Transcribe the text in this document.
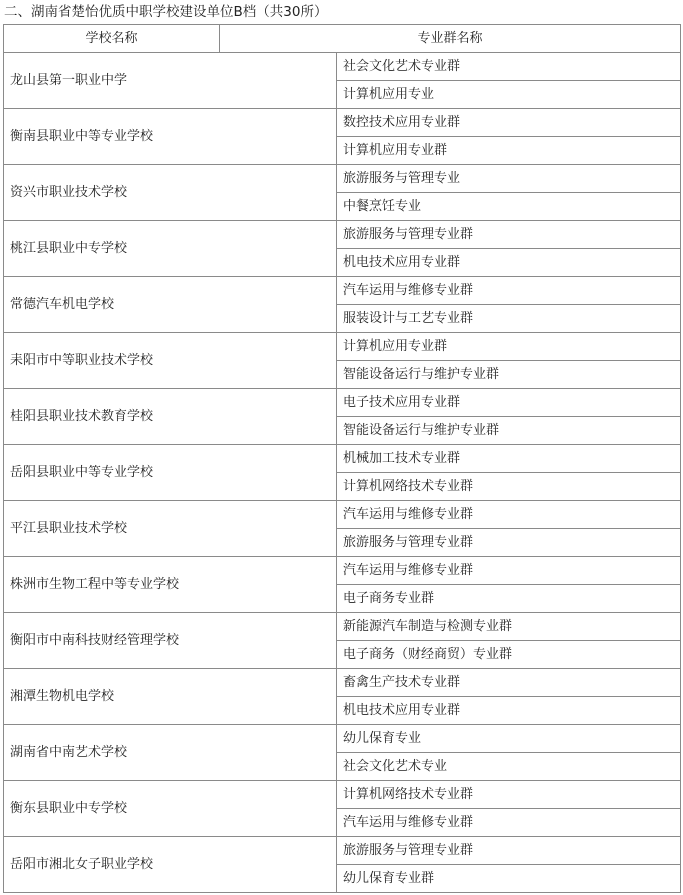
二、湖南省楚怡优质中职学校建设单位B档（共30所）
学校名称	专业群名称	
龙山县第一职业中学		社会文化艺术专业群
		计算机应用专业
衡南县职业中等专业学校		数控技术应用专业群
		计算机应用专业群
资兴市职业技术学校		旅游服务与管理专业
		中餐烹饪专业
桃江县职业中专学校		旅游服务与管理专业群
		机电技术应用专业群
常德汽车机电学校		汽车运用与维修专业群
		服装设计与工艺专业群
耒阳市中等职业技术学校		计算机应用专业群
		智能设备运行与维护专业群
桂阳县职业技术教育学校		电子技术应用专业群
		智能设备运行与维护专业群
岳阳县职业中等专业学校		机械加工技术专业群
		计算机网络技术专业群
平江县职业技术学校		汽车运用与维修专业群
		旅游服务与管理专业群
株洲市生物工程中等专业学校		汽车运用与维修专业群
		电子商务专业群
衡阳市中南科技财经管理学校		新能源汽车制造与检测专业群
		电子商务（财经商贸）专业群
湘潭生物机电学校		畜禽生产技术专业群
		机电技术应用专业群
湖南省中南艺术学校		幼儿保育专业
		社会文化艺术专业
衡东县职业中专学校		计算机网络技术专业群
		汽车运用与维修专业群
岳阳市湘北女子职业学校		旅游服务与管理专业群
		幼儿保育专业群
